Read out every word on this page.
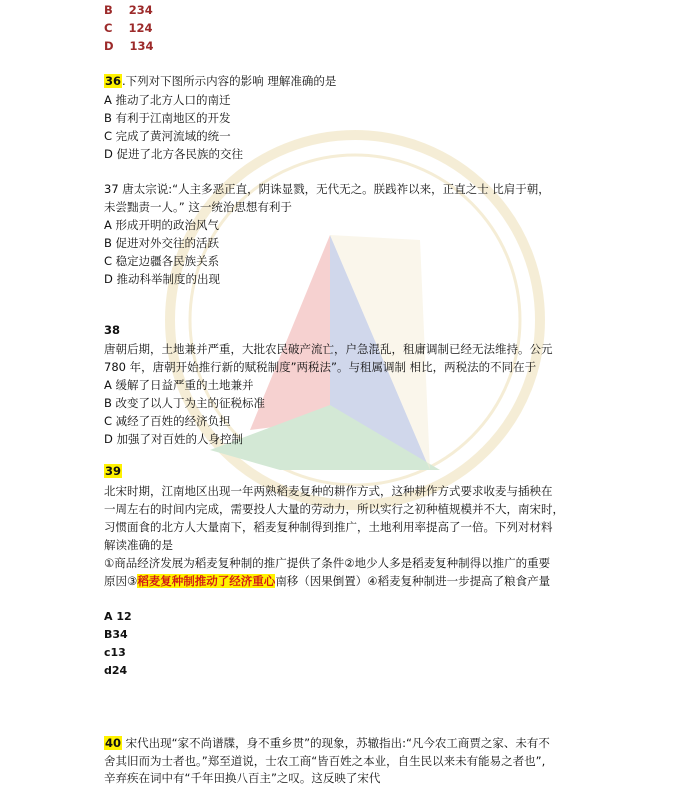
B 234
C 124
D 134
36.下列对下图所示内容的影响 理解准确的是
A 推动了北方人口的南迁
B 有利于江南地区的开发
C 完成了黄河流域的统一
D 促进了北方各民族的交往
37 唐太宗说:“人主多恶正直，阴诛显戮，无代无之。朕践祚以来，正直之士 比肩于朝，
未尝黜责一人。” 这一统治思想有利于
A 形成开明的政治风气
B 促进对外交往的活跃
C 稳定边疆各民族关系
D 推动科举制度的出现
38
唐朝后期，土地兼并严重，大批农民破产流亡，户急混乱，租庸调制已经无法维持。公元
780 年，唐朝开始推行新的赋税制度”两税法”。与租属调制 相比，两税法的不同在于
A 缓解了日益严重的土地兼并
B 改变了以人丁为主的征税标准
C 减经了百姓的经济负担
D 加强了对百姓的人身控制
39
北宋时期，江南地区出现一年两熟稻麦复种的耕作方式，这种耕作方式要求收麦与插秧在
一周左右的时间内完成，需要投人大量的劳动力，所以实行之初种植规模并不大，南宋时，
习惯面食的北方人大量南下，稻麦复种制得到推广，土地利用率提高了一倍。下列对材料
解读准确的是
①商品经济发展为稻麦复种制的推广提供了条件②地少人多是稻麦复种制得以推广的重要
原因③稻麦复种制推动了经济重心南移（因果倒置）④稻麦复种制进一步提高了粮食产量
A 12
B34
c13
d24
40 宋代出现“家不尚谱牒，身不重乡贯”的现象，苏辙指出:“凡今农工商贾之家、未有不
舍其旧而为士者也。”郑至道说，士农工商“皆百姓之本业，自生民以来未有能易之者也”,
辛弃疾在词中有“千年田换八百主”之叹。这反映了宋代
